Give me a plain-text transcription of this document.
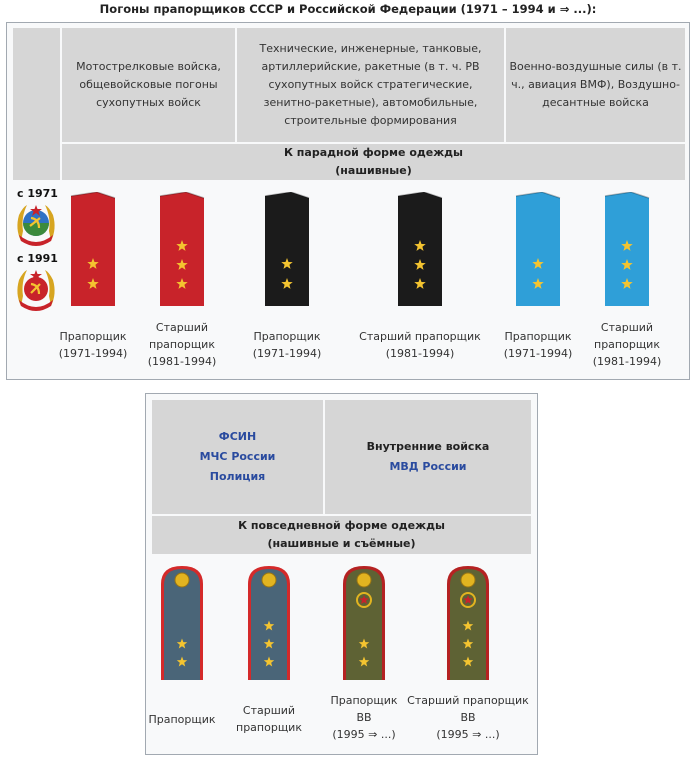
Погоны прапорщиков СССР и Российской Федерации (1971 – 1994 и ⇒ ...):
Мотострелковые войска, общевойсковые погоны сухопутных войск
Технические, инженерные, танковые, артиллерийские, ракетные (в т. ч. РВ сухопутных войск стратегические, зенитно-ракетные), автомобильные, строительные формирования
Военно-воздушные силы (в т. ч., авиация ВМФ), Воздушно-десантные войска
К парадной форме одежды
(нашивные)
с 1971
с 1991
Прапорщик
(1971-1994)
Старший
прапорщик
(1981-1994)
Прапорщик
(1971-1994)
Старший прапорщик
(1981-1994)
Прапорщик
(1971-1994)
Старший
прапорщик
(1981-1994)
ФСИН
МЧС России
Полиция
Внутренние войска
МВД России
К повседневной форме одежды
(нашивные и съёмные)
Прапорщик
Старший
прапорщик
Прапорщик
ВВ
(1995 ⇒ ...)
Старший прапорщик
ВВ
(1995 ⇒ ...)
